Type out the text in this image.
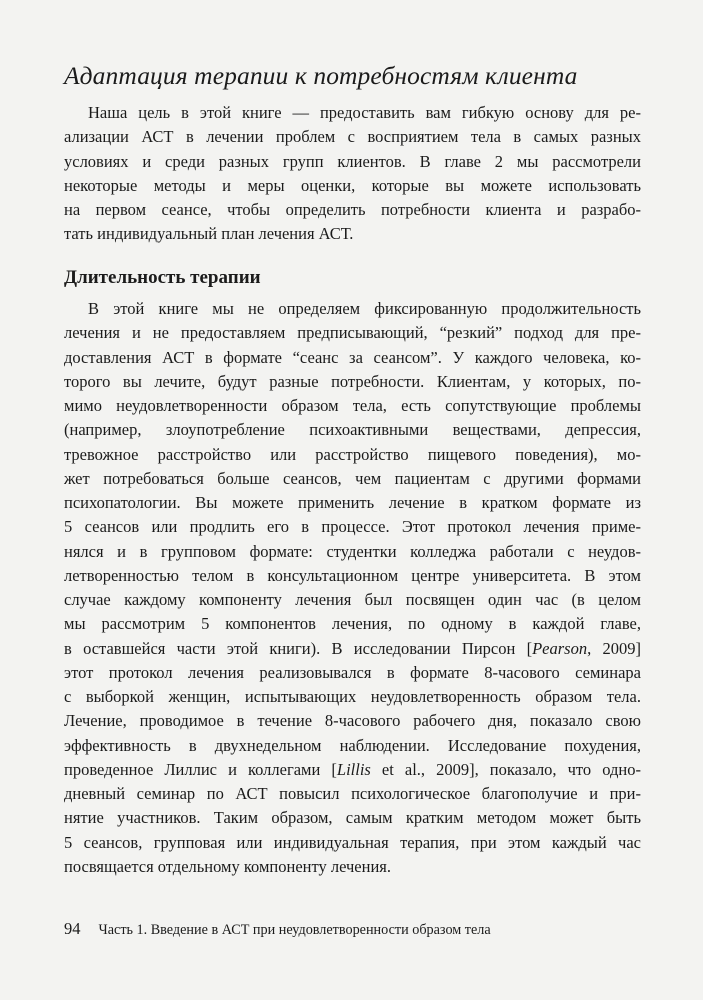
Адаптация терапии к потребностям клиента
Наша цель в этой книге — предоставить вам гибкую основу для ре-
ализации АСТ в лечении проблем с восприятием тела в самых разных
условиях и среди разных групп клиентов. В главе 2 мы рассмотрели
некоторые методы и меры оценки, которые вы можете использовать
на первом сеансе, чтобы определить потребности клиента и разрабо-
тать индивидуальный план лечения АСТ.
Длительность терапии
В этой книге мы не определяем фиксированную продолжительность
лечения и не предоставляем предписывающий, “резкий” подход для пре-
доставления АСТ в формате “сеанс за сеансом”. У каждого человека, ко-
торого вы лечите, будут разные потребности. Клиентам, у которых, по-
мимо неудовлетворенности образом тела, есть сопутствующие проблемы
(например, злоупотребление психоактивными веществами, депрессия,
тревожное расстройство или расстройство пищевого поведения), мо-
жет потребоваться больше сеансов, чем пациентам с другими формами
психопатологии. Вы можете применить лечение в кратком формате из
5 сеансов или продлить его в процессе. Этот протокол лечения приме-
нялся и в групповом формате: студентки колледжа работали с неудов-
летворенностью телом в консультационном центре университета. В этом
случае каждому компоненту лечения был посвящен один час (в целом
мы рассмотрим 5 компонентов лечения, по одному в каждой главе,
в оставшейся части этой книги). В исследовании Пирсон [Pearson, 2009]
этот протокол лечения реализовывался в формате 8-часового семинара
с выборкой женщин, испытывающих неудовлетворенность образом тела.
Лечение, проводимое в течение 8-часового рабочего дня, показало свою
эффективность в двухнедельном наблюдении. Исследование похудения,
проведенное Лиллис и коллегами [Lillis et al., 2009], показало, что одно-
дневный семинар по АСТ повысил психологическое благополучие и при-
нятие участников. Таким образом, самым кратким методом может быть
5 сеансов, групповая или индивидуальная терапия, при этом каждый час
посвящается отдельному компоненту лечения.
94 Часть 1. Введение в АСТ при неудовлетворенности образом тела
